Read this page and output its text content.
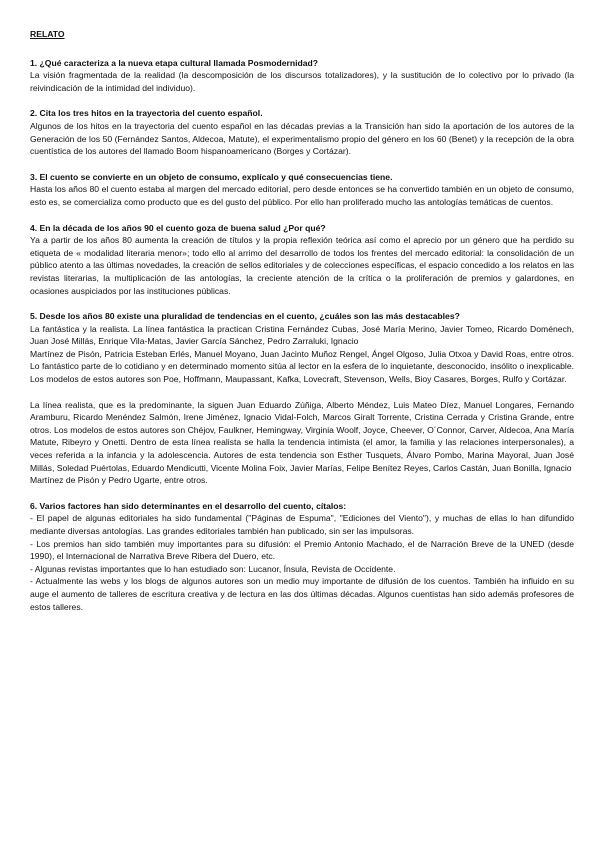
RELATO

1. ¿Qué caracteriza a la nueva etapa cultural llamada Posmodernidad?

La visión fragmentada de la realidad (la descomposición de los discursos totalizadores), y la sustitución de lo colectivo por lo privado (la reivindicación de la intimidad del individuo).

2. Cita los tres hitos en la trayectoria del cuento español.

Algunos de los hitos en la trayectoria del cuento español en las décadas previas a la Transición han sido la aportación de los autores de la Generación de los 50 (Fernández Santos, Aldecoa, Matute), el experimentalismo propio del género en los 60 (Benet) y la recepción de la obra cuentística de los autores del llamado Boom hispanoamericano (Borges y Cortázar).

3. El cuento se convierte en un objeto de consumo, explícalo y qué consecuencias tiene.

Hasta los años 80 el cuento estaba al margen del mercado editorial, pero desde entonces se ha convertido también en un objeto de consumo, esto es, se comercializa como producto que es del gusto del público. Por ello han proliferado mucho las antologías temáticas de cuentos.

4. En la década de los años 90 el cuento goza de buena salud ¿Por qué?

Ya a partir de los años 80 aumenta la creación de títulos y la propia reflexión teórica así como el aprecio por un género que ha perdido su etiqueta de « modalidad literaria menor»; todo ello al arrimo del desarrollo de todos los frentes del mercado editorial: la consolidación de un público atento a las últimas novedades, la creación de sellos editoriales y de colecciones específicas, el espacio concedido a los relatos en las revistas literarias, la multiplicación de las antologías, la creciente atención de la crítica o la proliferación de premios y galardones, en ocasiones auspiciados por las instituciones públicas.

5. Desde los años 80 existe una pluralidad de tendencias en el cuento, ¿cuáles son las más destacables?

La fantástica y la realista. La línea fantástica la practican Cristina Fernández Cubas, José María Merino, Javier Tomeo, Ricardo Doménech, Juan José Millás, Enrique Vila-Matas, Javier García Sánchez, Pedro Zarraluki, Ignacio

Martínez de Pisón, Patricia Esteban Erlés, Manuel Moyano, Juan Jacinto Muñoz Rengel, Ángel Olgoso, Julia Otxoa y David Roas, entre otros. Lo fantástico parte de lo cotidiano y en determinado momento sitúa al lector en la esfera de lo inquietante, desconocido, insólito o inexplicable. Los modelos de estos autores son Poe, Hoffmann, Maupassant, Kafka, Lovecraft, Stevenson, Wells, Bioy Casares, Borges, Rulfo y Cortázar.

La línea realista, que es la predominante, la siguen Juan Eduardo Zúñiga, Alberto Méndez, Luis Mateo Díez, Manuel Longares, Fernando Aramburu, Ricardo Menéndez Salmón, Irene Jiménez, Ignacio Vidal-Folch, Marcos Giralt Torrente, Cristina Cerrada y Cristina Grande, entre otros. Los modelos de estos autores son Chéjov, Faulkner, Hemingway, Virginia Woolf, Joyce, Cheever, O´Connor, Carver, Aldecoa, Ana María Matute, Ribeyro y Onetti. Dentro de esta línea realista se halla la tendencia intimista (el amor, la familia y las relaciones interpersonales), a veces referida a la infancia y la adolescencia. Autores de esta tendencia son Esther Tusquets, Álvaro Pombo, Marina Mayoral, Juan José Millás, Soledad Puértolas, Eduardo Mendicutti, Vicente Molina Foix, Javier Marías, Felipe Benítez Reyes, Carlos Castán, Juan Bonilla, Ignacio

Martínez de Pisón y Pedro Ugarte, entre otros.

6. Varios factores han sido determinantes en el desarrollo del cuento, cítalos:

- El papel de algunas editoriales ha sido fundamental ("Páginas de Espuma", "Ediciones del Viento"), y muchas de ellas lo han difundido mediante diversas antologías. Las grandes editoriales también han publicado, sin ser las impulsoras.

- Los premios han sido también muy importantes para su difusión: el Premio Antonio Machado, el de Narración Breve de la UNED (desde 1990), el Internacional de Narrativa Breve Ribera del Duero, etc.

- Algunas revistas importantes que lo han estudiado son: Lucanor, Ínsula, Revista de Occidente.

- Actualmente las webs y los blogs de algunos autores son un medio muy importante de difusión de los cuentos. También ha influido en su auge el aumento de talleres de escritura creativa y de lectura en las dos últimas décadas. Algunos cuentistas han sido además profesores de estos talleres.
